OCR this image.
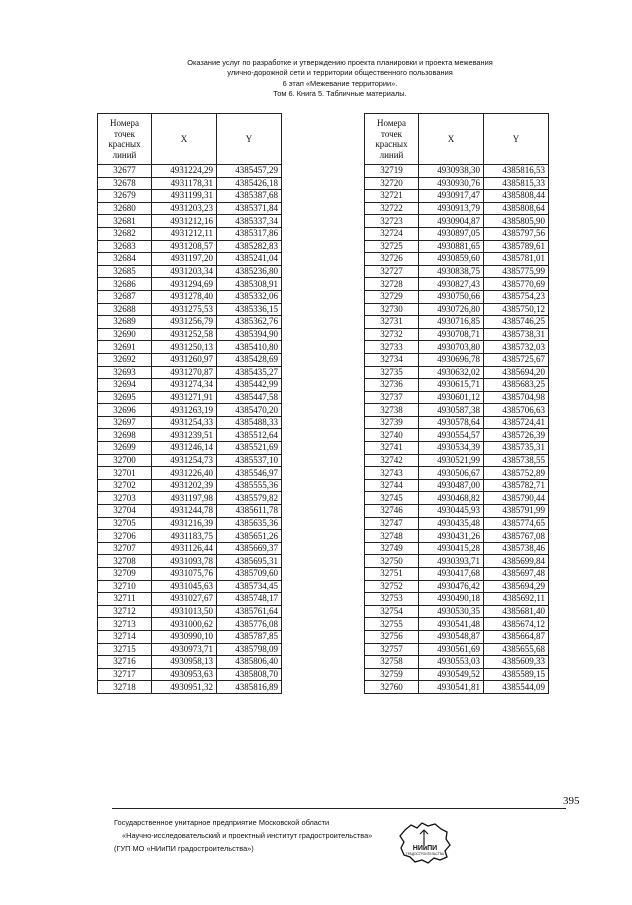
Оказание услуг по разработке и утверждению проекта планировки и проекта межевания
улично-дорожной сети и территории общественного пользования
6 этап «Межевание территории».
Том 6. Книга 5. Табличные материалы.
Номера
точек
красных
линий	X	Y
32677	4931224,29	4385457,29
32678	4931178,31	4385426,18
32679	4931199,31	4385387,68
32680	4931203,23	4385371,84
32681	4931212,16	4385337,34
32682	4931212,11	4385317,86
32683	4931208,57	4385282,83
32684	4931197,20	4385241,04
32685	4931203,34	4385236,80
32686	4931294,69	4385308,91
32687	4931278,40	4385332,06
32688	4931275,53	4385336,15
32689	4931256,79	4385362,76
32690	4931252,58	4385394,90
32691	4931250,13	4385410,80
32692	4931260,97	4385428,69
32693	4931270,87	4385435,27
32694	4931274,34	4385442,99
32695	4931271,91	4385447,58
32696	4931263,19	4385470,20
32697	4931254,33	4385488,33
32698	4931239,51	4385512,64
32699	4931246,14	4385521,69
32700	4931254,73	4385537,10
32701	4931226,40	4385546,97
32702	4931202,39	4385555,36
32703	4931197,98	4385579,82
32704	4931244,78	4385611,78
32705	4931216,39	4385635,36
32706	4931183,75	4385651,26
32707	4931126,44	4385669,37
32708	4931093,78	4385695,31
32709	4931075,76	4385709,60
32710	4931045,63	4385734,45
32711	4931027,67	4385748,17
32712	4931013,50	4385761,64
32713	4931000,62	4385776,08
32714	4930990,10	4385787,85
32715	4930973,71	4385798,09
32716	4930958,13	4385806,40
32717	4930953,63	4385808,70
32718	4930951,32	4385816,89
Номера
точек
красных
линий	X	Y
32719	4930938,30	4385816,53
32720	4930930,76	4385815,33
32721	4930917,47	4385808,44
32722	4930913,79	4385808,64
32723	4930904,87	4385805,90
32724	4930897,05	4385797,56
32725	4930881,65	4385789,61
32726	4930859,60	4385781,01
32727	4930838,75	4385775,99
32728	4930827,43	4385770,69
32729	4930750,66	4385754,23
32730	4930726,80	4385750,12
32731	4930716,85	4385746,25
32732	4930708,71	4385738,31
32733	4930703,80	4385732,03
32734	4930696,78	4385725,67
32735	4930632,02	4385694,20
32736	4930615,71	4385683,25
32737	4930601,12	4385704,98
32738	4930587,38	4385706,63
32739	4930578,64	4385724,41
32740	4930554,57	4385726,39
32741	4930534,39	4385735,31
32742	4930521,99	4385738,55
32743	4930506,67	4385752,89
32744	4930487,00	4385782,71
32745	4930468,82	4385790,44
32746	4930445,93	4385791,99
32747	4930435,48	4385774,65
32748	4930431,26	4385767,08
32749	4930415,28	4385738,46
32750	4930393,71	4385699,84
32751	4930417,68	4385697,48
32752	4930476,42	4385694,29
32753	4930490,18	4385692,11
32754	4930530,35	4385681,40
32755	4930541,48	4385674,12
32756	4930548,87	4385664,87
32757	4930561,69	4385655,68
32758	4930553,03	4385609,33
32759	4930549,52	4385589,15
32760	4930541,81	4385544,09
395
Государственное унитарное предприятие Московской области
«Научно-исследовательский и проектный институт градостроительства»
(ГУП МО «НИиПИ градостроительства»)	НИиПИ
ГРАДОСТРОИТЕЛЬСТВА
